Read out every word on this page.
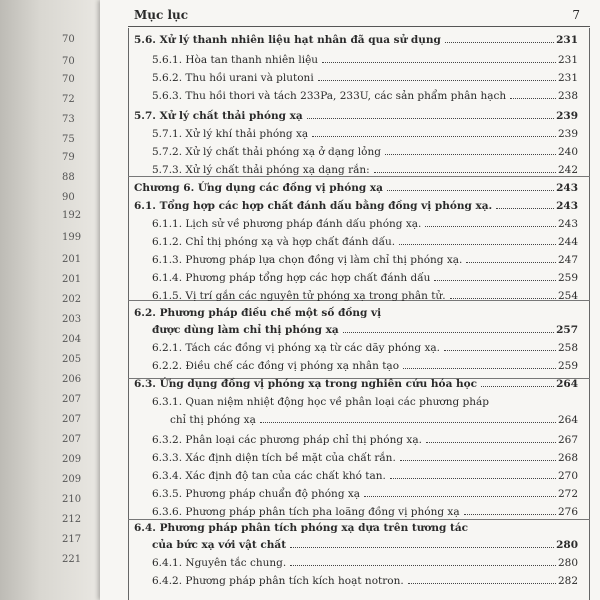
70
70
70
72
73
75
79
88
90
192
199
201
201
202
203
204
205
206
207
207
207
209
209
210
212
217
221
Mục lục	7
5.6. Xử lý thanh nhiên liệu hạt nhân đã qua sử dụng	231
5.6.1. Hòa tan thanh nhiên liệu	231
5.6.2. Thu hồi urani và plutoni	231
5.6.3. Thu hồi thori và tách 233Pa, 233U, các sản phẩm phân hạch	238
5.7. Xử lý chất thải phóng xạ	239
5.7.1. Xử lý khí thải phóng xạ	239
5.7.2. Xử lý chất thải phóng xạ ở dạng lỏng	240
5.7.3. Xử lý chất thải phóng xạ dạng rắn:	242
Chương 6. Ứng dụng các đồng vị phóng xạ	243
6.1. Tổng hợp các hợp chất đánh dấu bằng đồng vị phóng xạ.	243
6.1.1. Lịch sử về phương pháp đánh dấu phóng xạ.	243
6.1.2. Chỉ thị phóng xạ và hợp chất đánh dấu.	244
6.1.3. Phương pháp lựa chọn đồng vị làm chỉ thị phóng xạ.	247
6.1.4. Phương pháp tổng hợp các hợp chất đánh dấu	259
6.1.5. Vị trí gắn các nguyên tử phóng xạ trong phân tử.	254
6.2. Phương pháp điều chế một số đồng vị
được dùng làm chỉ thị phóng xạ	257
6.2.1. Tách các đồng vị phóng xạ từ các dãy phóng xạ.	258
6.2.2. Điều chế các đồng vị phóng xạ nhân tạo	259
6.3. Ứng dụng đồng vị phóng xạ trong nghiên cứu hóa học	264
6.3.1. Quan niệm nhiệt động học về phân loại các phương pháp
chỉ thị phóng xạ	264
6.3.2. Phân loại các phương pháp chỉ thị phóng xạ.	267
6.3.3. Xác định diện tích bề mặt của chất rắn.	268
6.3.4. Xác định độ tan của các chất khó tan.	270
6.3.5. Phương pháp chuẩn độ phóng xạ	272
6.3.6. Phương pháp phân tích pha loãng đồng vị phóng xạ	276
6.4. Phương pháp phân tích phóng xạ dựa trên tương tác
của bức xạ với vật chất	280
6.4.1. Nguyên tắc chung.	280
6.4.2. Phương pháp phân tích kích hoạt notron.	282
